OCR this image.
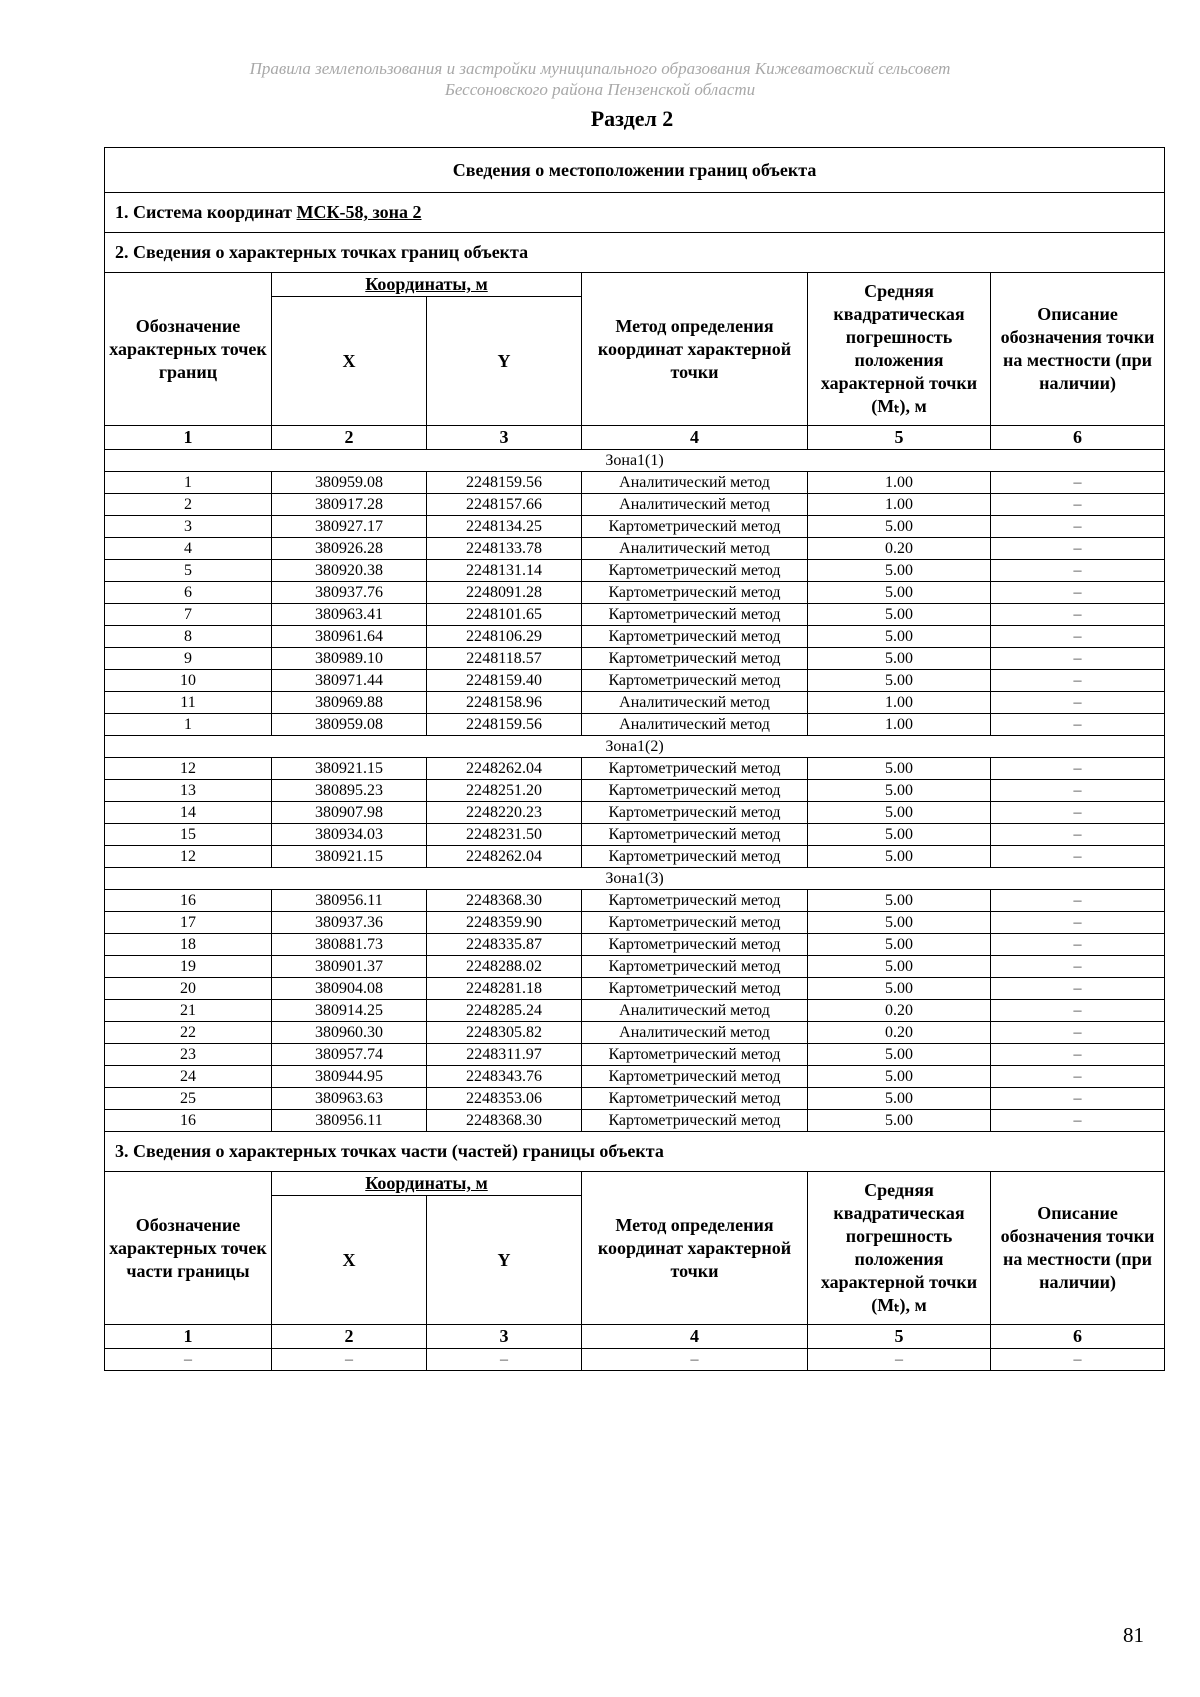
Правила землепользования и застройки муниципального образования Кижеватовский сельсовет
Бессоновского района Пензенской области
Раздел 2
Сведения о местоположении границ объекта					
1. Система координат МСК-58, зона 2					
2. Сведения о характерных точках границ объекта					
Обозначение характерных точек границ	Координаты, м		Метод определения координат характерной точки	Средняя квадратическая погрешность положения характерной точки (Mₜ), м	Описание обозначения точки на местности (при наличии)
	X	Y			
1	2	3	4	5	6
Зона1(1)					
1	380959.08	2248159.56	Аналитический метод	1.00	–
2	380917.28	2248157.66	Аналитический метод	1.00	–
3	380927.17	2248134.25	Картометрический метод	5.00	–
4	380926.28	2248133.78	Аналитический метод	0.20	–
5	380920.38	2248131.14	Картометрический метод	5.00	–
6	380937.76	2248091.28	Картометрический метод	5.00	–
7	380963.41	2248101.65	Картометрический метод	5.00	–
8	380961.64	2248106.29	Картометрический метод	5.00	–
9	380989.10	2248118.57	Картометрический метод	5.00	–
10	380971.44	2248159.40	Картометрический метод	5.00	–
11	380969.88	2248158.96	Аналитический метод	1.00	–
1	380959.08	2248159.56	Аналитический метод	1.00	–
Зона1(2)					
12	380921.15	2248262.04	Картометрический метод	5.00	–
13	380895.23	2248251.20	Картометрический метод	5.00	–
14	380907.98	2248220.23	Картометрический метод	5.00	–
15	380934.03	2248231.50	Картометрический метод	5.00	–
12	380921.15	2248262.04	Картометрический метод	5.00	–
Зона1(3)					
16	380956.11	2248368.30	Картометрический метод	5.00	–
17	380937.36	2248359.90	Картометрический метод	5.00	–
18	380881.73	2248335.87	Картометрический метод	5.00	–
19	380901.37	2248288.02	Картометрический метод	5.00	–
20	380904.08	2248281.18	Картометрический метод	5.00	–
21	380914.25	2248285.24	Аналитический метод	0.20	–
22	380960.30	2248305.82	Аналитический метод	0.20	–
23	380957.74	2248311.97	Картометрический метод	5.00	–
24	380944.95	2248343.76	Картометрический метод	5.00	–
25	380963.63	2248353.06	Картометрический метод	5.00	–
16	380956.11	2248368.30	Картометрический метод	5.00	–
3. Сведения о характерных точках части (частей) границы объекта					
Обозначение характерных точек части границы	Координаты, м		Метод определения координат характерной точки	Средняя квадратическая погрешность положения характерной точки (Mₜ), м	Описание обозначения точки на местности (при наличии)
	X	Y			
1	2	3	4	5	6
–	–	–	–	–	–
81
